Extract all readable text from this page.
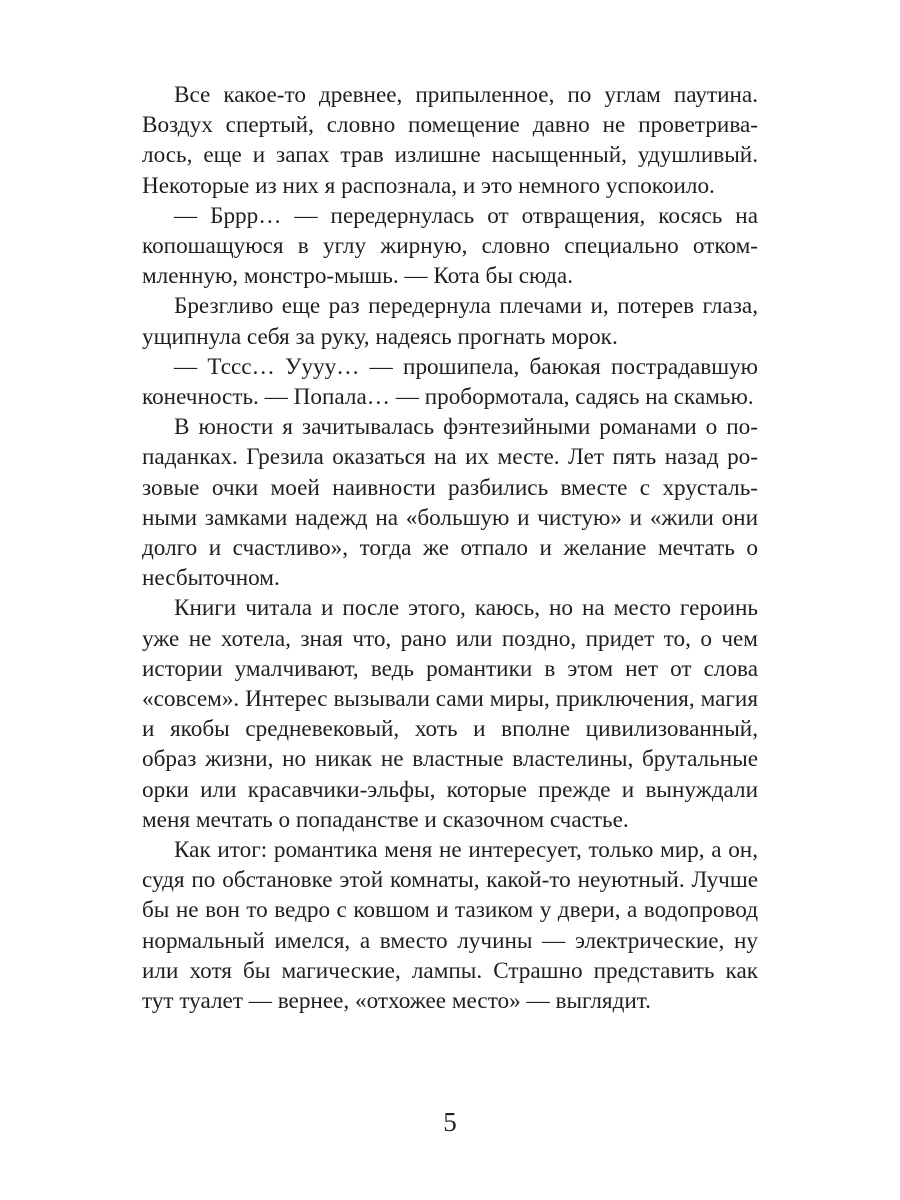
Все какое-то древнее, припыленное, по углам паутина. Воздух спертый, словно помещение давно не проветривалось, еще и запах трав излишне насыщенный, удушливый. Некоторые из них я распознала, и это немного успокоило.

— Бррр… — передернулась от отвращения, косясь на копошащуюся в углу жирную, словно специально откоммленную, монстро-мышь. — Кота бы сюда.

Брезгливо еще раз передернула плечами и, потерев глаза, ущипнула себя за руку, надеясь прогнать морок.

— Тссс… Уууу… — прошипела, баюкая пострадавшую конечность. — Попала… — пробормотала, садясь на скамью.

В юности я зачитывалась фэнтезийными романами о попаданках. Грезила оказаться на их месте. Лет пять назад розовые очки моей наивности разбились вместе с хрустальными замками надежд на «большую и чистую» и «жили они долго и счастливо», тогда же отпало и желание мечтать о несбыточном.

Книги читала и после этого, каюсь, но на место героинь уже не хотела, зная что, рано или поздно, придет то, о чем истории умалчивают, ведь романтики в этом нет от слова «совсем». Интерес вызывали сами миры, приключения, магия и якобы средневековый, хоть и вполне цивилизованный, образ жизни, но никак не властные властелины, брутальные орки или красавчики-эльфы, которые прежде и вынуждали меня мечтать о попаданстве и сказочном счастье.

Как итог: романтика меня не интересует, только мир, а он, судя по обстановке этой комнаты, какой-то неуютный. Лучше бы не вон то ведро с ковшом и тазиком у двери, а водопровод нормальный имелся, а вместо лучины — электрические, ну или хотя бы магические, лампы. Страшно представить как тут туалет — вернее, «отхожее место» — выглядит.

5
